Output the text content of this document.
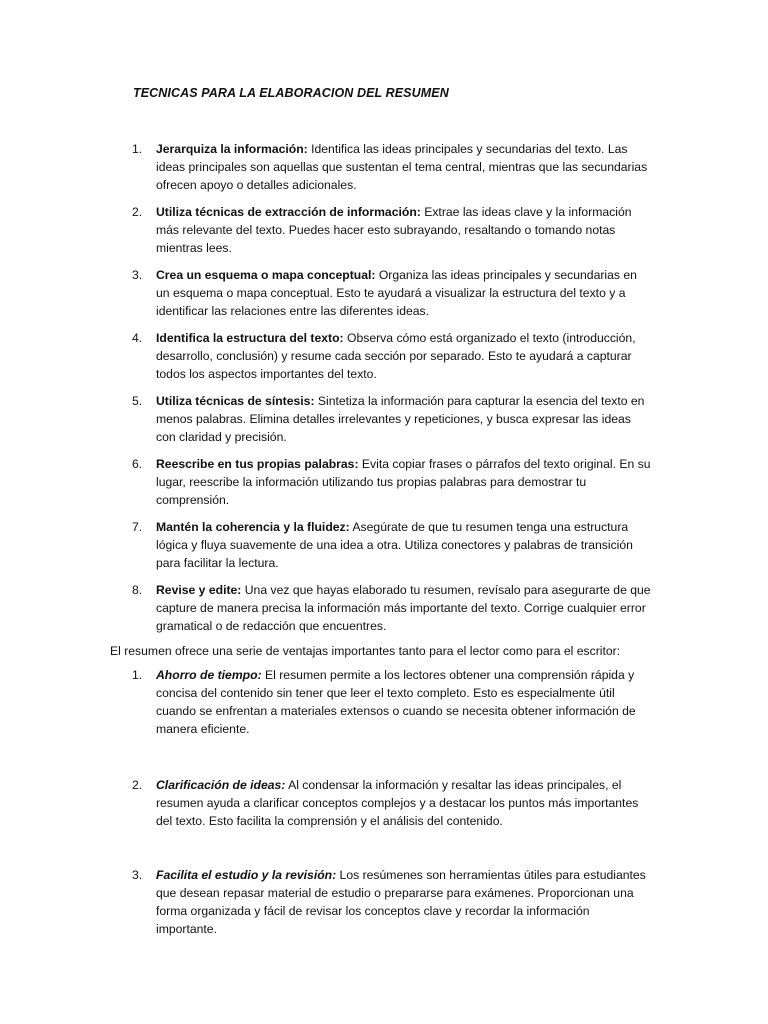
TECNICAS PARA LA ELABORACION DEL RESUMEN
1. Jerarquiza la información: Identifica las ideas principales y secundarias del texto. Las ideas principales son aquellas que sustentan el tema central, mientras que las secundarias ofrecen apoyo o detalles adicionales.
2. Utiliza técnicas de extracción de información: Extrae las ideas clave y la información más relevante del texto. Puedes hacer esto subrayando, resaltando o tomando notas mientras lees.
3. Crea un esquema o mapa conceptual: Organiza las ideas principales y secundarias en un esquema o mapa conceptual. Esto te ayudará a visualizar la estructura del texto y a identificar las relaciones entre las diferentes ideas.
4. Identifica la estructura del texto: Observa cómo está organizado el texto (introducción, desarrollo, conclusión) y resume cada sección por separado. Esto te ayudará a capturar todos los aspectos importantes del texto.
5. Utiliza técnicas de síntesis: Sintetiza la información para capturar la esencia del texto en menos palabras. Elimina detalles irrelevantes y repeticiones, y busca expresar las ideas con claridad y precisión.
6. Reescribe en tus propias palabras: Evita copiar frases o párrafos del texto original. En su lugar, reescribe la información utilizando tus propias palabras para demostrar tu comprensión.
7. Mantén la coherencia y la fluidez: Asegúrate de que tu resumen tenga una estructura lógica y fluya suavemente de una idea a otra. Utiliza conectores y palabras de transición para facilitar la lectura.
8. Revise y edite: Una vez que hayas elaborado tu resumen, revísalo para asegurarte de que capture de manera precisa la información más importante del texto. Corrige cualquier error gramatical o de redacción que encuentres.
El resumen ofrece una serie de ventajas importantes tanto para el lector como para el escritor:
1. Ahorro de tiempo: El resumen permite a los lectores obtener una comprensión rápida y concisa del contenido sin tener que leer el texto completo. Esto es especialmente útil cuando se enfrentan a materiales extensos o cuando se necesita obtener información de manera eficiente.
2. Clarificación de ideas: Al condensar la información y resaltar las ideas principales, el resumen ayuda a clarificar conceptos complejos y a destacar los puntos más importantes del texto. Esto facilita la comprensión y el análisis del contenido.
3. Facilita el estudio y la revisión: Los resúmenes son herramientas útiles para estudiantes que desean repasar material de estudio o prepararse para exámenes. Proporcionan una forma organizada y fácil de revisar los conceptos clave y recordar la información importante.
